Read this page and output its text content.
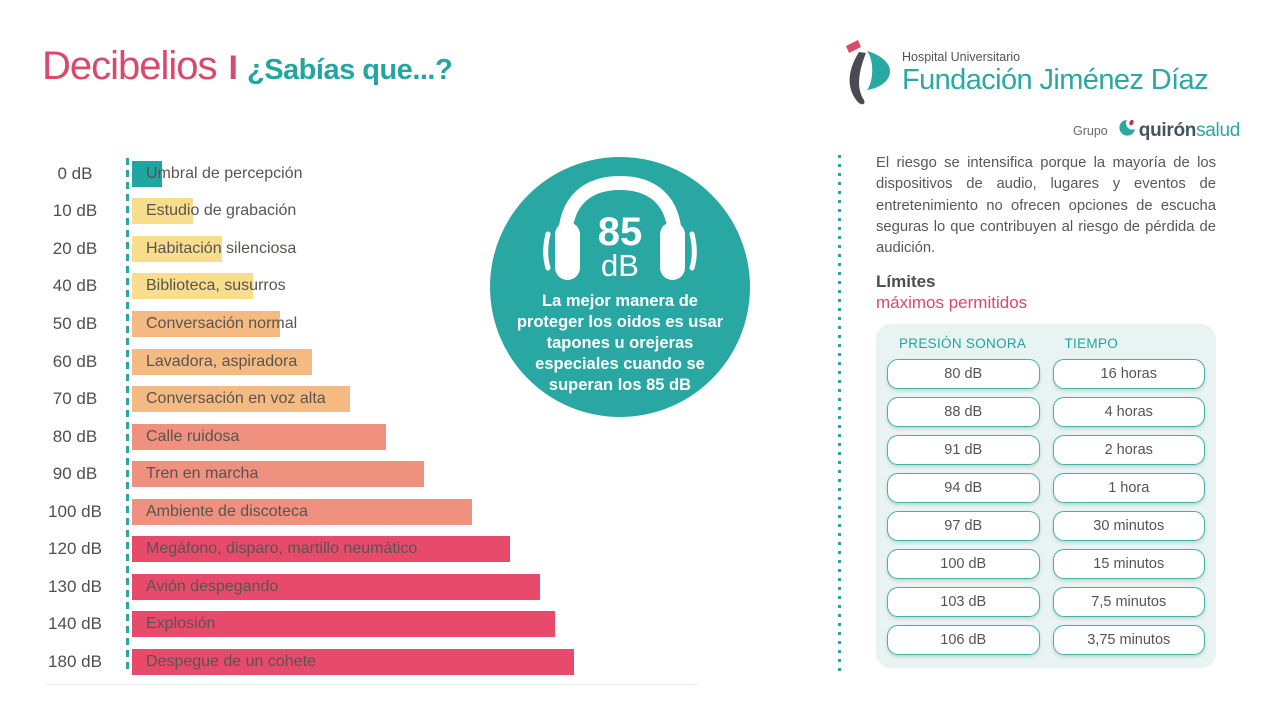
Decibelios I ¿Sabías que...?	Hospital Universitario
Fundación Jiménez Díaz
Grupo quirón salud
0 dB	Umbral de percepción
10 dB	Estudio de grabación
20 dB	Habitación silenciosa
40 dB	Biblioteca, susurros
50 dB	Conversación normal
60 dB	Lavadora, aspiradora
70 dB	Conversación en voz alta
80 dB	Calle ruidosa
90 dB	Tren en marcha
100 dB	Ambiente de discoteca
120 dB	Megáfono, disparo, martillo neumático
130 dB	Avión despegando
140 dB	Explosión
180 dB	Despegue de un cohete
85
dB
La mejor manera de proteger los oidos es usar tapones u orejeras especiales cuando se superan los 85 dB

El riesgo se intensifica porque la mayoría de los dispositivos de audio, lugares y eventos de entretenimiento no ofrecen opciones de escucha seguras lo que contribuyen al riesgo de pérdida de audición.

Límites
máximos permitidos
PRESIÓN SONORA	TIEMPO
80 dB	16 horas
88 dB	4 horas
91 dB	2 horas
94 dB	1 hora
97 dB	30 minutos
100 dB	15 minutos
103 dB	7,5 minutos
106 dB	3,75 minutos
